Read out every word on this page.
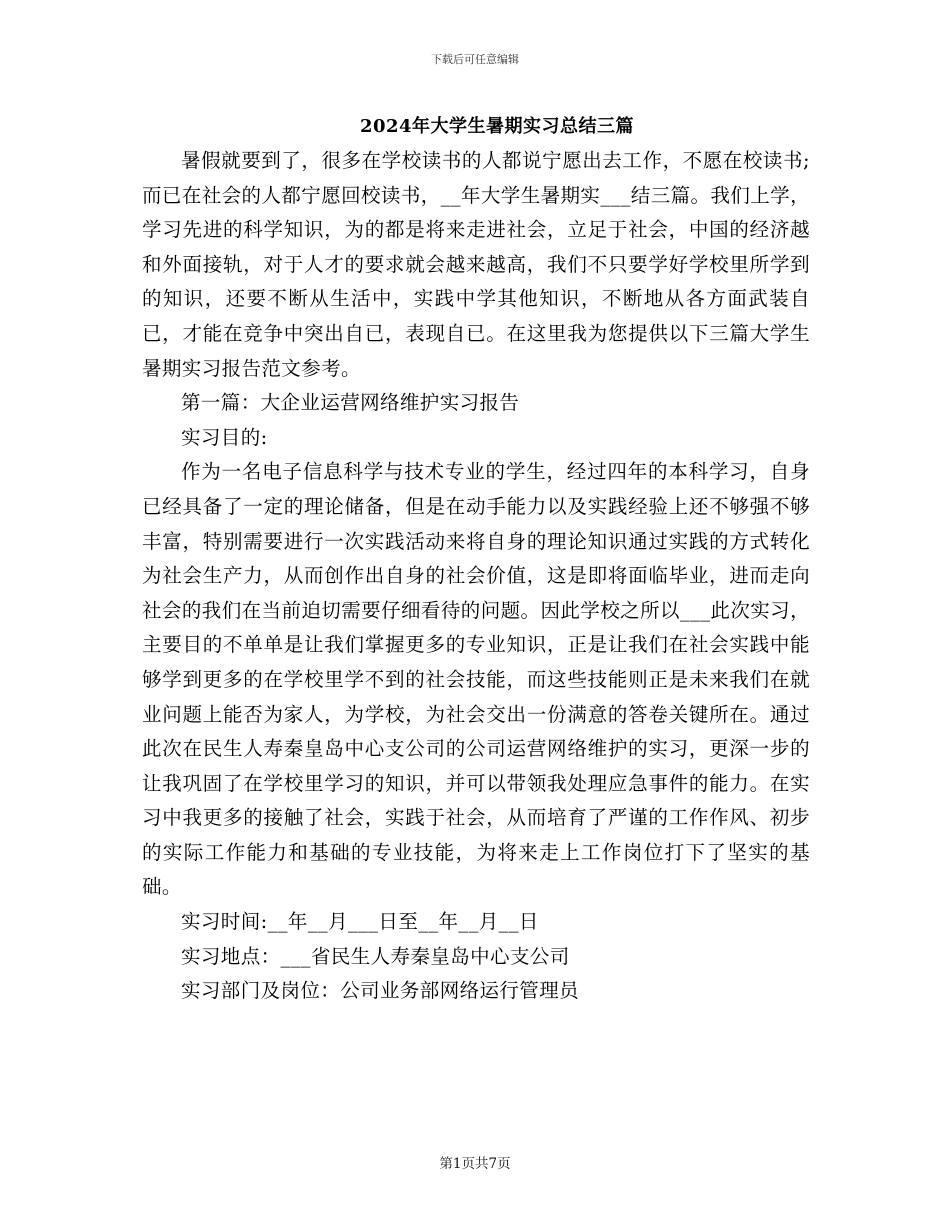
下载后可任意编辑
2024年大学生暑期实习总结三篇

暑假就要到了，很多在学校读书的人都说宁愿出去工作，不愿在校读书;而已在社会的人都宁愿回校读书，__年大学生暑期实___结三篇。我们上学，学习先进的科学知识，为的都是将来走进社会，立足于社会，中国的经济越和外面接轨，对于人才的要求就会越来越高，我们不只要学好学校里所学到的知识，还要不断从生活中，实践中学其他知识，不断地从各方面武装自已，才能在竞争中突出自已，表现自已。在这里我为您提供以下三篇大学生暑期实习报告范文参考。

第一篇：大企业运营网络维护实习报告

实习目的:

作为一名电子信息科学与技术专业的学生，经过四年的本科学习，自身已经具备了一定的理论储备，但是在动手能力以及实践经验上还不够强不够丰富，特别需要进行一次实践活动来将自身的理论知识通过实践的方式转化为社会生产力，从而创作出自身的社会价值，这是即将面临毕业，进而走向社会的我们在当前迫切需要仔细看待的问题。因此学校之所以___此次实习，主要目的不单单是让我们掌握更多的专业知识，正是让我们在社会实践中能够学到更多的在学校里学不到的社会技能，而这些技能则正是未来我们在就业问题上能否为家人，为学校，为社会交出一份满意的答卷关键所在。通过此次在民生人寿秦皇岛中心支公司的公司运营网络维护的实习，更深一步的让我巩固了在学校里学习的知识，并可以带领我处理应急事件的能力。在实习中我更多的接触了社会，实践于社会，从而培育了严谨的工作作风、初步的实际工作能力和基础的专业技能，为将来走上工作岗位打下了坚实的基础。

实习时间:__年__月___日至__年__月__日

实习地点：___省民生人寿秦皇岛中心支公司

实习部门及岗位：公司业务部网络运行管理员

第1页共7页
